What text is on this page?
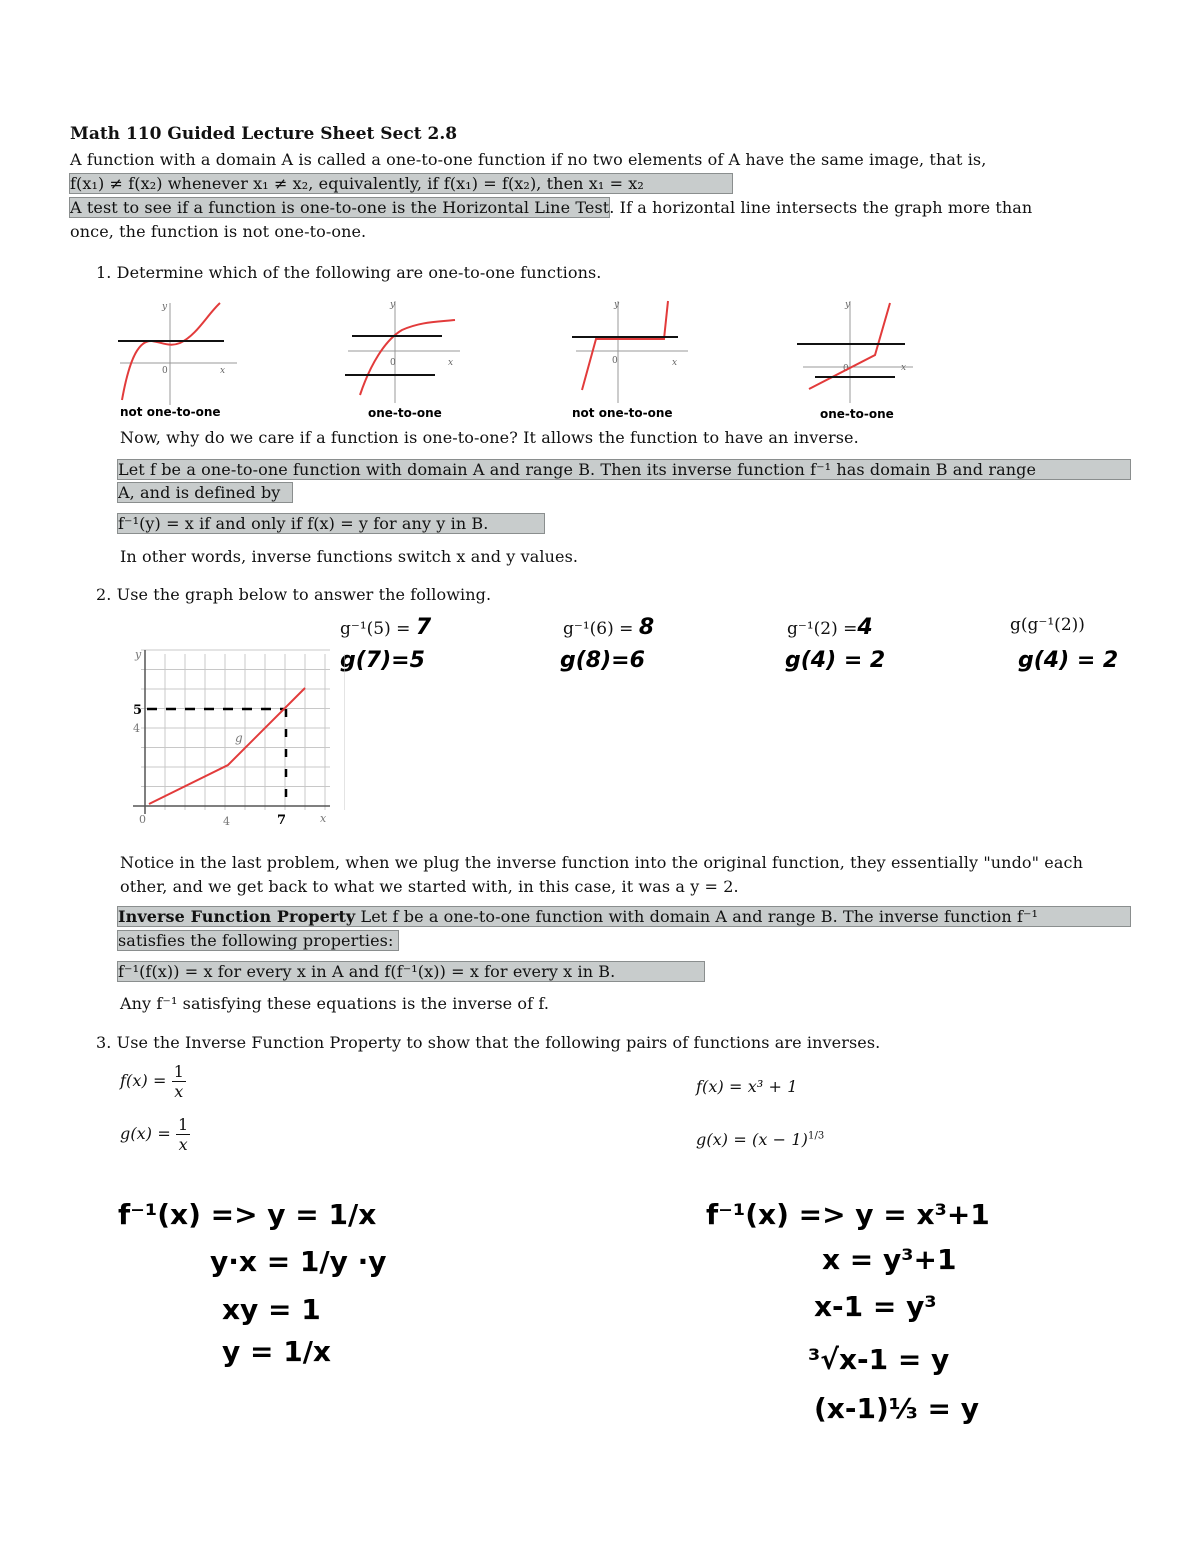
Math 110 Guided Lecture Sheet Sect 2.8
A function with a domain A is called a one-to-one function if no two elements of A have the same image, that is,
f(x₁) ≠ f(x₂) whenever x₁ ≠ x₂, equivalently, if f(x₁) = f(x₂), then x₁ = x₂
A test to see if a function is one-to-one is the Horizontal Line Test. If a horizontal line intersects the graph more than
once, the function is not one-to-one.
1. Determine which of the following are one-to-one functions.
y
x
0
not one-to-one
y
x
0
one-to-one
y
x
0
not one-to-one
y
x
0
one-to-one
Now, why do we care if a function is one-to-one? It allows the function to have an inverse.
Let f be a one-to-one function with domain A and range B. Then its inverse function f⁻¹ has domain B and range
A, and is defined by
f⁻¹(y) = x if and only if f(x) = y for any y in B.
In other words, inverse functions switch x and y values.
2. Use the graph below to answer the following.
g⁻¹(5) = 7	g⁻¹(6) = 8	g⁻¹(2) =4	g(g⁻¹(2))
g(7)=5	g(8)=6	g(4) = 2	g(4) = 2
y
x
4
4
0
g
5
7
Notice in the last problem, when we plug the inverse function into the original function, they essentially "undo" each
other, and we get back to what we started with, in this case, it was a y = 2.
Inverse Function Property Let f be a one-to-one function with domain A and range B. The inverse function f⁻¹
satisfies the following properties:
f⁻¹(f(x)) = x for every x in A and f(f⁻¹(x)) = x for every x in B.
Any f⁻¹ satisfying these equations is the inverse of f.
3. Use the Inverse Function Property to show that the following pairs of functions are inverses.
$f(x) = \frac{1}{x}$
$g(x) = \frac{1}{x}$
f(x) = x³ + 1
$g(x) = (x - 1)^{1/3}$
f⁻¹(x) => y = 1/x
y·x = 1/y ·y
xy = 1
y = 1/x
f⁻¹(x) => y = x³+1
x = y³+1
x-1 = y³
³√x-1 = y
(x-1)⅓ = y
